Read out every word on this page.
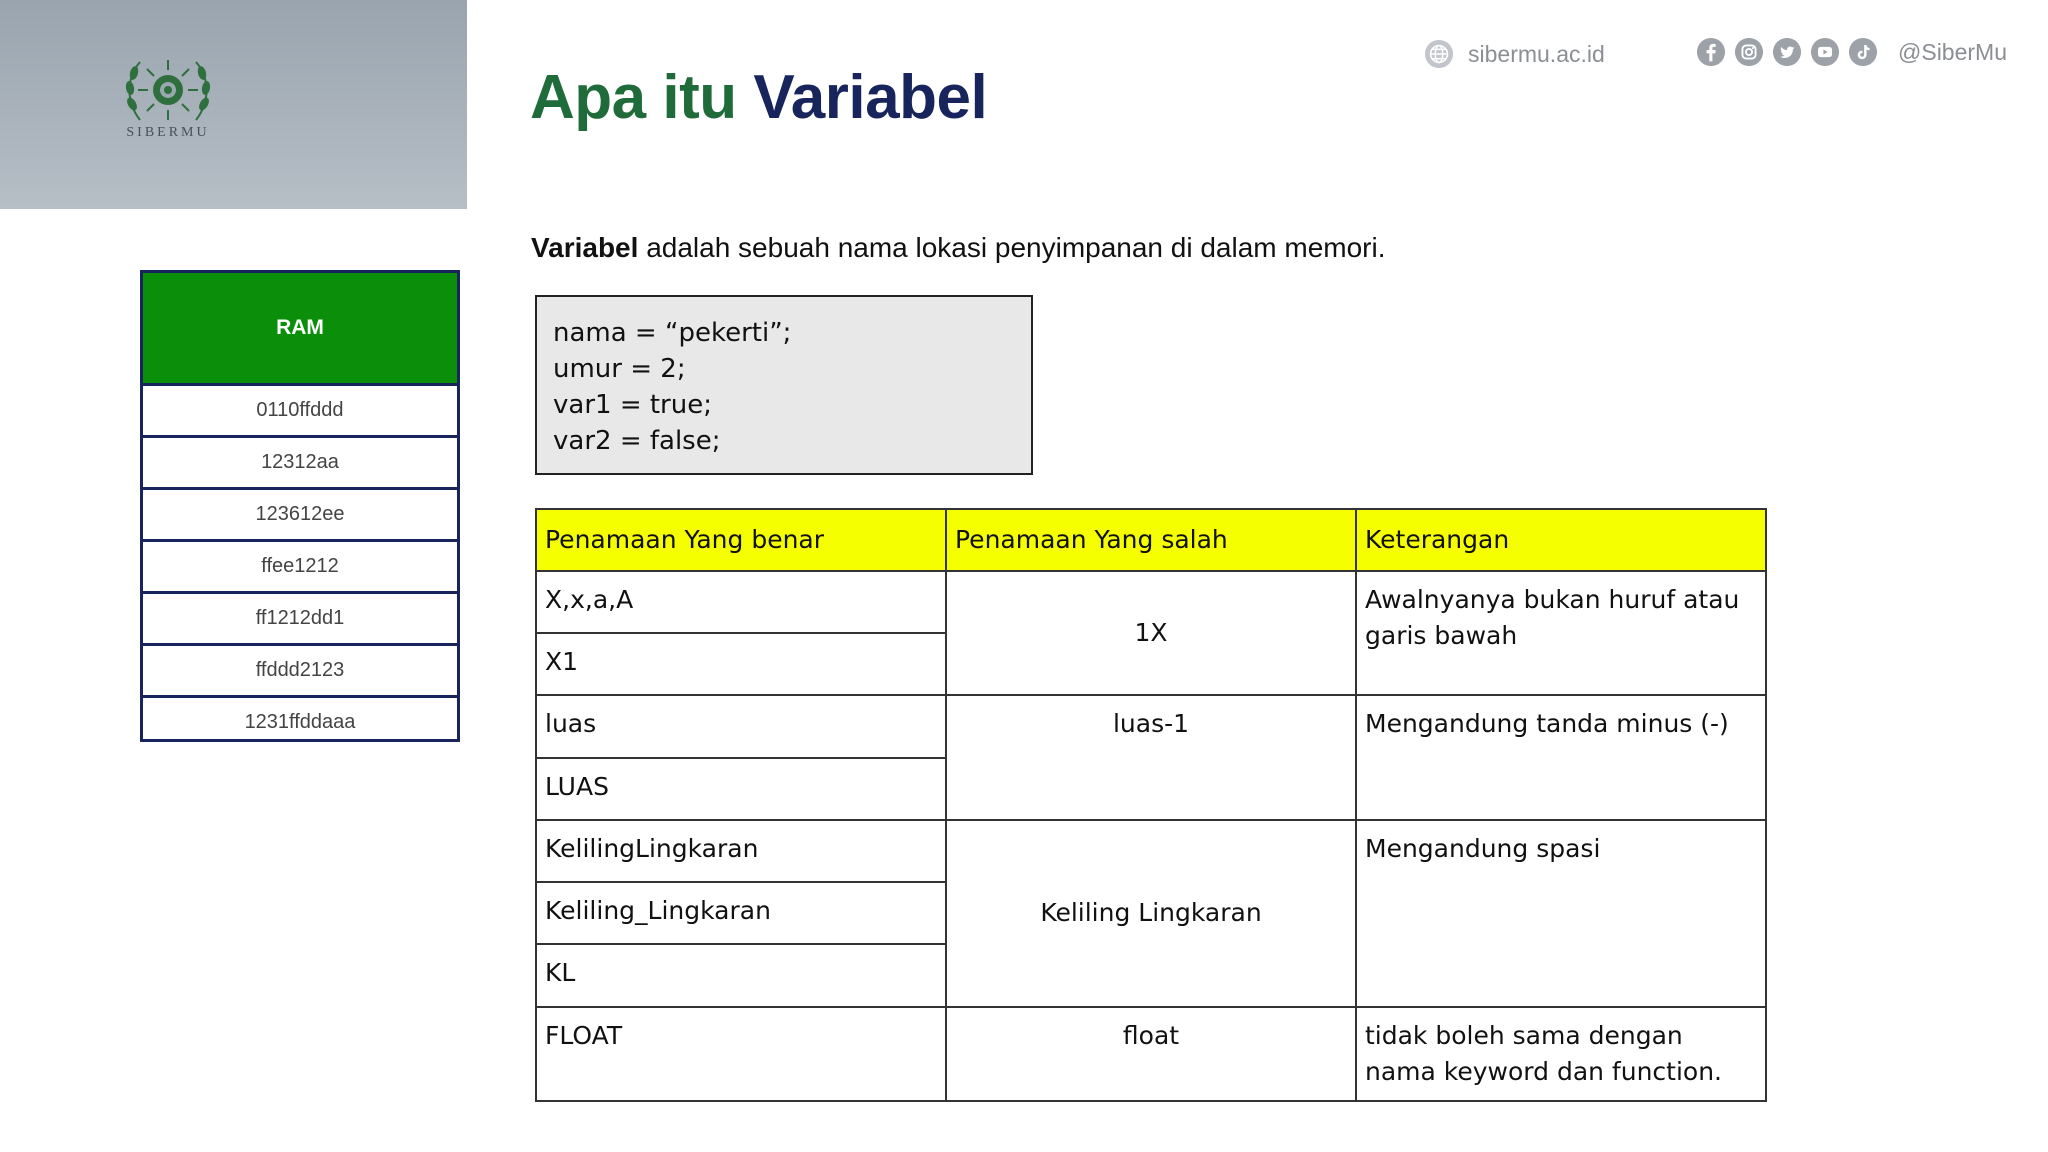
SIBERMU
Apa itu Variabel
sibermu.ac.id	@SiberMu
RAM
0110ffddd
12312aa
123612ee
ffee1212
ff1212dd1
ffddd2123
1231ffddaaa

Variabel adalah sebuah nama lokasi penyimpanan di dalam memori.

nama = “pekerti”;
umur = 2;
var1 = true;
var2 = false;
Penamaan Yang benar	Penamaan Yang salah	Keterangan
X,x,a,A	1X	Awalnyanya bukan huruf atau garis bawah
X1		
luas	luas-1	Mengandung tanda minus (-)
LUAS		
KelilingLingkaran	Keliling Lingkaran	Mengandung spasi
Keliling_Lingkaran		
KL		
FLOAT	float	tidak boleh sama dengan nama keyword dan function.
